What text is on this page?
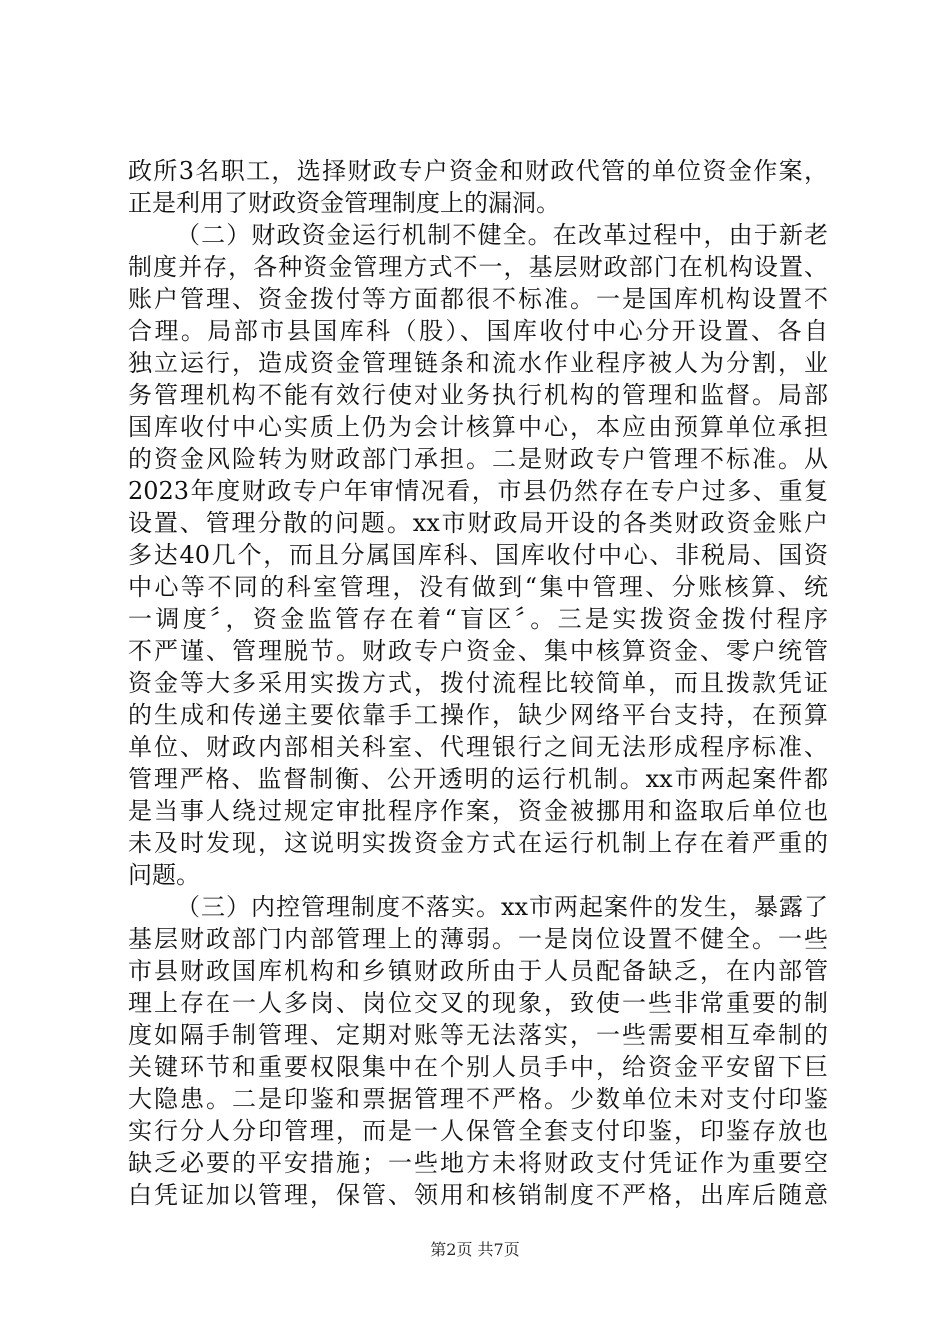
政所3名职工，选择财政专户资金和财政代管的单位资金作案，
正是利用了财政资金管理制度上的漏洞。
（二）财政资金运行机制不健全。在改革过程中，由于新老
制度并存，各种资金管理方式不一，基层财政部门在机构设置、
账户管理、资金拨付等方面都很不标准。一是国库机构设置不
合理。局部市县国库科（股）、国库收付中心分开设置、各自
独立运行，造成资金管理链条和流水作业程序被人为分割，业
务管理机构不能有效行使对业务执行机构的管理和监督。局部
国库收付中心实质上仍为会计核算中心，本应由预算单位承担
的资金风险转为财政部门承担。二是财政专户管理不标准。从
2023年度财政专户年审情况看，市县仍然存在专户过多、重复
设置、管理分散的问题。xx市财政局开设的各类财政资金账户
多达40几个，而且分属国库科、国库收付中心、非税局、国资
中心等不同的科室管理，没有做到“集中管理、分账核算、统
一调度〞，资金监管存在着“盲区〞。三是实拨资金拨付程序
不严谨、管理脱节。财政专户资金、集中核算资金、零户统管
资金等大多采用实拨方式，拨付流程比较简单，而且拨款凭证
的生成和传递主要依靠手工操作，缺少网络平台支持，在预算
单位、财政内部相关科室、代理银行之间无法形成程序标准、
管理严格、监督制衡、公开透明的运行机制。xx市两起案件都
是当事人绕过规定审批程序作案，资金被挪用和盗取后单位也
未及时发现，这说明实拨资金方式在运行机制上存在着严重的
问题。
（三）内控管理制度不落实。xx市两起案件的发生，暴露了
基层财政部门内部管理上的薄弱。一是岗位设置不健全。一些
市县财政国库机构和乡镇财政所由于人员配备缺乏，在内部管
理上存在一人多岗、岗位交叉的现象，致使一些非常重要的制
度如隔手制管理、定期对账等无法落实，一些需要相互牵制的
关键环节和重要权限集中在个别人员手中，给资金平安留下巨
大隐患。二是印鉴和票据管理不严格。少数单位未对支付印鉴
实行分人分印管理，而是一人保管全套支付印鉴，印鉴存放也
缺乏必要的平安措施；一些地方未将财政支付凭证作为重要空
白凭证加以管理，保管、领用和核销制度不严格，出库后随意
第2页 共7页
